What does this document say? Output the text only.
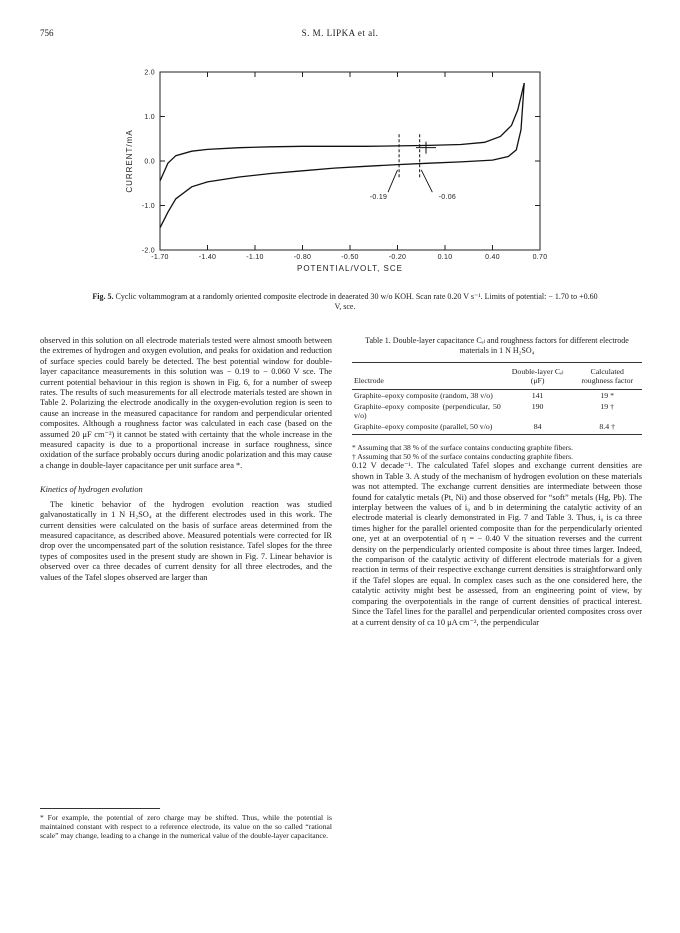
756	S. M. LIPKA et al.
-2.0
-1.0
0.0
1.0
2.0
0.70
0.40
0.10
-0.20
-0.50
-0.80
-1.10
-1.40
-1.70
CURRENT/mA
POTENTIAL/VOLT, SCE
-0.19	-0.06
Fig. 5. Cyclic voltammogram at a randomly oriented composite electrode in deaerated 30 w/o KOH. Scan rate 0.20 V s⁻¹. Limits of potential: − 1.70 to +0.60 V, sce.

observed in this solution on all electrode materials tested were almost smooth between the extremes of hydrogen and oxygen evolution, and peaks for oxidation and reduction of surface species could barely be detected. The best potential window for double-layer capacitance measurements in this solution was − 0.19 to − 0.060 V sce. The current potential behaviour in this region is shown in Fig. 6, for a number of sweep rates. The results of such measurements for all electrode materials tested are shown in Table 2. Polarizing the electrode anodically in the oxygen-evolution region is seen to cause an increase in the measured capacitance for random and perpendicular oriented composites. Although a roughness factor was calculated in each case (based on the assumed 20 μF cm⁻²) it cannot be stated with certainty that the whole increase in the measured capacity is due to a proportional increase in surface roughness, since oxidation of the surface probably occurs during anodic polarization and this may cause a change in double-layer capacitance per unit surface area *.

Kinetics of hydrogen evolution

The kinetic behavior of the hydrogen evolution reaction was studied galvanostatically in 1 N H₂SO₄ at the different electrodes used in this work. The current densities were calculated on the basis of surface areas determined from the measured capacitance, as described above. Measured potentials were corrected for IR drop over the uncompensated part of the solution resistance. Tafel slopes for the three types of composites used in the present study are shown in Fig. 7. Linear behavior is observed over ca three decades of current density for all three electrodes, and the values of the Tafel slopes observed are larger than

* For example, the potential of zero charge may be shifted. Thus, while the potential is maintained constant with respect to a reference electrode, its value on the so called “rational scale” may change, leading to a change in the numerical value of the double-layer capacitance.

Table 1. Double-layer capacitance Cₑₗ and roughness factors for different electrode materials in 1 N H₂SO₄
Electrode	Double-layer Cₑₗ (μF)	Calculated roughness factor
Graphite–epoxy composite (random, 38 v/o)	141	19 *
Graphite–epoxy composite (perpendicular, 50 v/o)	190	19 †
Graphite–epoxy composite (parallel, 50 v/o)	84	8.4 †

* Assuming that 38 % of the surface contains conducting graphite fibers.

† Assuming that 50 % of the surface contains conducting graphite fibers.

0.12 V decade⁻¹. The calculated Tafel slopes and exchange current densities are shown in Table 3. A study of the mechanism of hydrogen evolution on these materials was not attempted. The exchange current densities are intermediate between those found for catalytic metals (Pt, Ni) and those observed for “soft” metals (Hg, Pb). The interplay between the values of i₀ and b in determining the catalytic activity of an electrode material is clearly demonstrated in Fig. 7 and Table 3. Thus, i₀ is ca three times higher for the parallel oriented composite than for the perpendicularly oriented one, yet at an overpotential of η = − 0.40 V the situation reverses and the current density on the perpendicularly oriented composite is about three times larger. Indeed, the comparison of the catalytic activity of different electrode materials for a given reaction in terms of their respective exchange current densities is straightforward only if the Tafel slopes are equal. In complex cases such as the one considered here, the catalytic activity might best be assessed, from an engineering point of view, by comparing the overpotentials in the range of current densities of practical interest. Since the Tafel lines for the parallel and perpendicular oriented composites cross over at a current density of ca 10 μA cm⁻², the perpendicular
